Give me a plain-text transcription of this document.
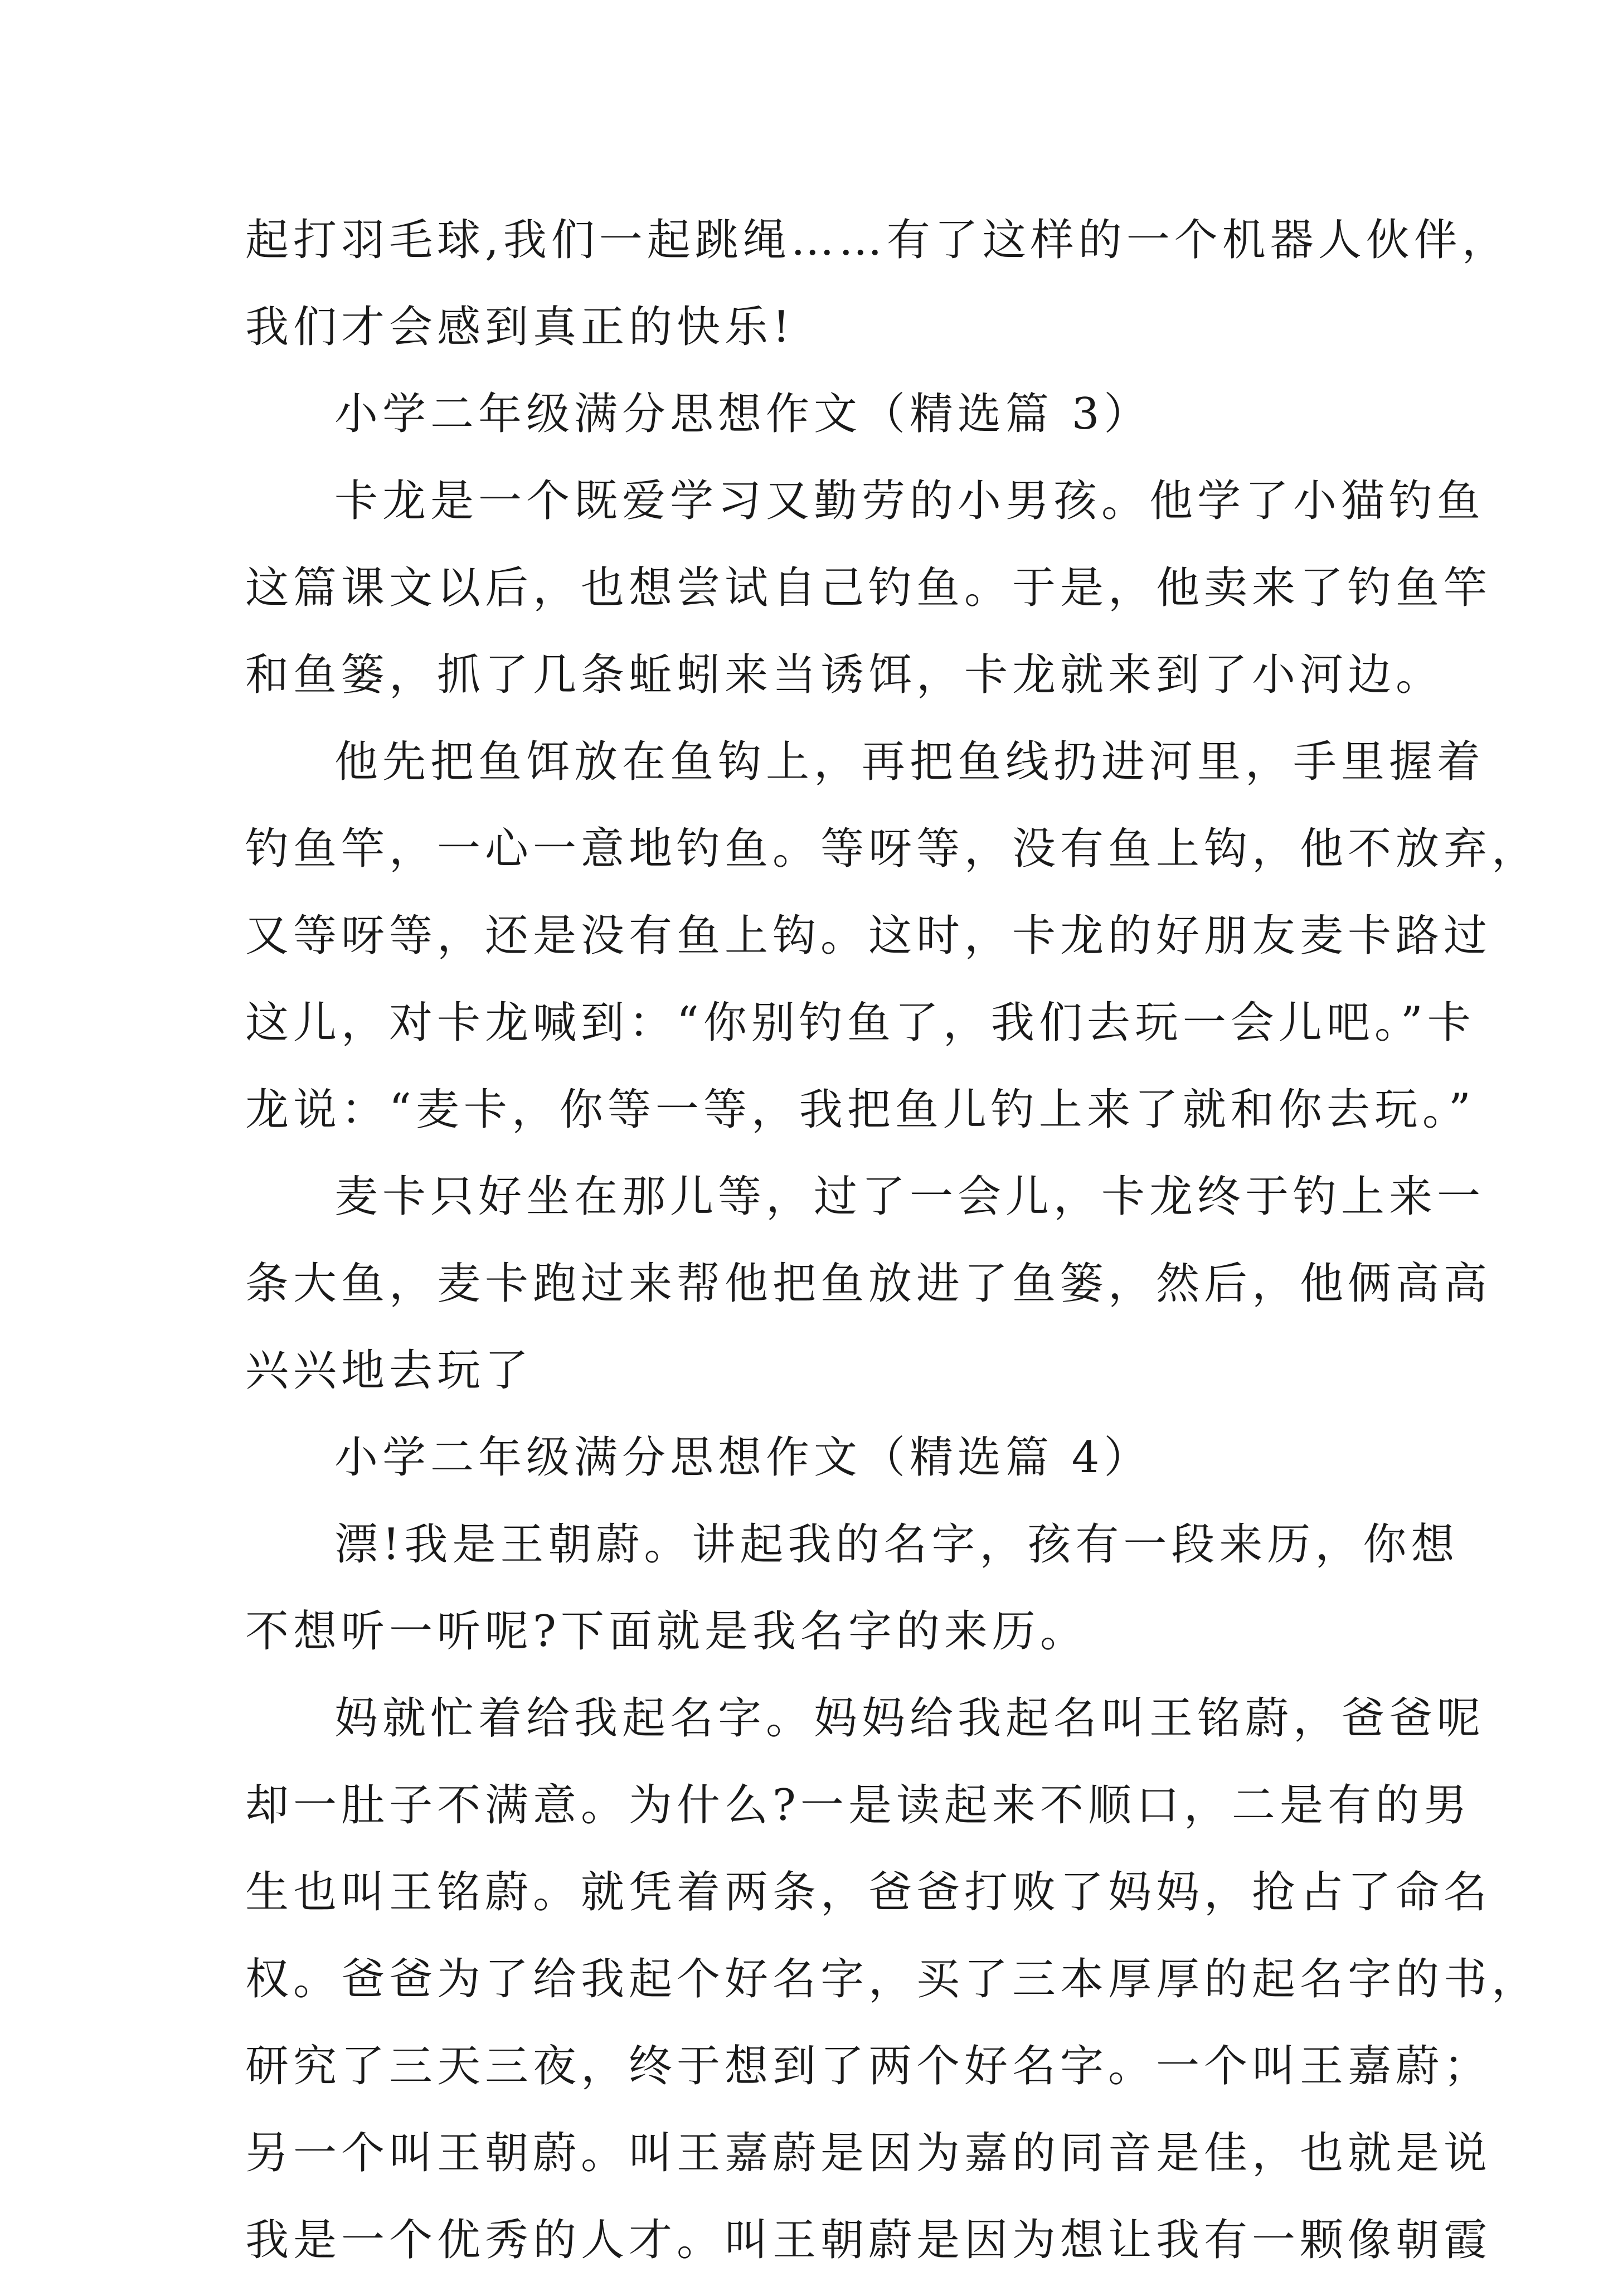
起打羽毛球,我们一起跳绳……有了这样的一个机器人伙伴，
我们才会感到真正的快乐!
小学二年级满分思想作文（精选篇 3）
卡龙是一个既爱学习又勤劳的小男孩。他学了小猫钓鱼
这篇课文以后，也想尝试自己钓鱼。于是，他卖来了钓鱼竿
和鱼篓，抓了几条蚯蚓来当诱饵，卡龙就来到了小河边。
他先把鱼饵放在鱼钩上，再把鱼线扔进河里，手里握着
钓鱼竿，一心一意地钓鱼。等呀等，没有鱼上钩，他不放弃，
又等呀等，还是没有鱼上钩。这时，卡龙的好朋友麦卡路过
这儿，对卡龙喊到：“你别钓鱼了，我们去玩一会儿吧。”卡
龙说：“麦卡，你等一等，我把鱼儿钓上来了就和你去玩。”
麦卡只好坐在那儿等，过了一会儿，卡龙终于钓上来一
条大鱼，麦卡跑过来帮他把鱼放进了鱼篓，然后，他俩高高
兴兴地去玩了
小学二年级满分思想作文（精选篇 4）
漂!我是王朝蔚。讲起我的名字，孩有一段来历，你想
不想听一听呢?下面就是我名字的来历。
妈就忙着给我起名字。妈妈给我起名叫王铭蔚，爸爸呢
却一肚子不满意。为什么?一是读起来不顺口，二是有的男
生也叫王铭蔚。就凭着两条，爸爸打败了妈妈，抢占了命名
权。爸爸为了给我起个好名字，买了三本厚厚的起名字的书，
研究了三天三夜，终于想到了两个好名字。一个叫王嘉蔚；
另一个叫王朝蔚。叫王嘉蔚是因为嘉的同音是佳，也就是说
我是一个优秀的人才。叫王朝蔚是因为想让我有一颗像朝霞
